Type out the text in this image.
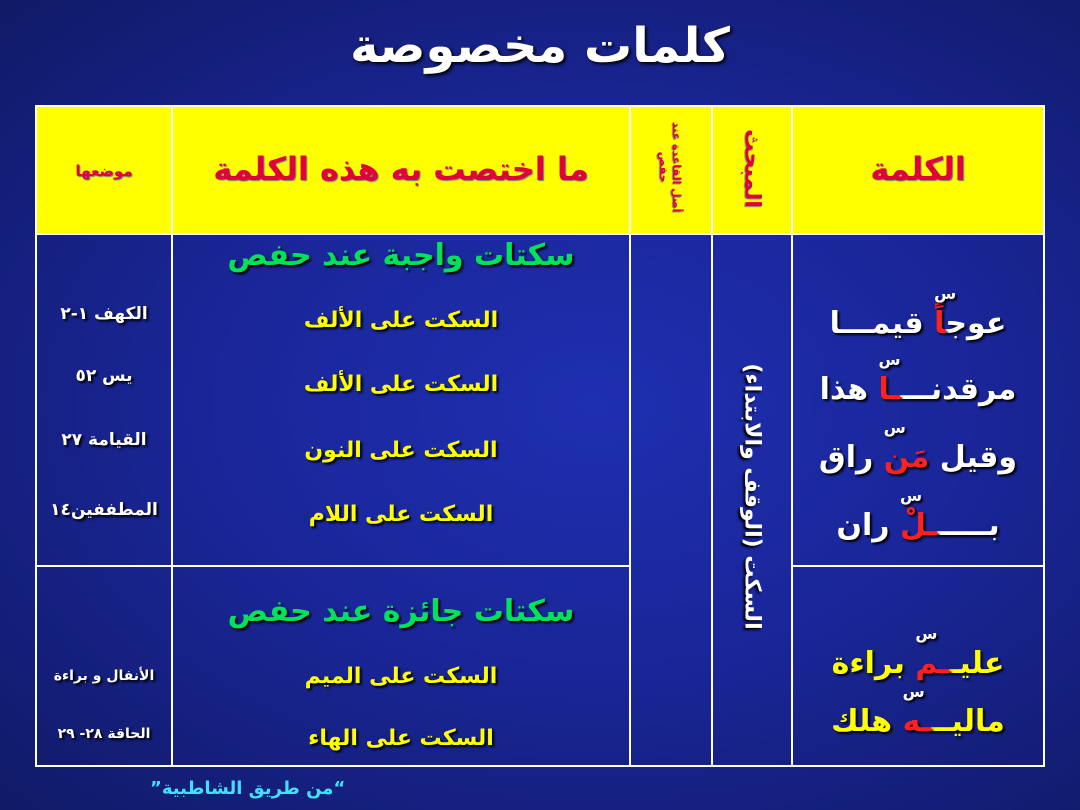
كلمات مخصوصة
الكلمة
المبحث
أصل القاعدة عند حفص
ما اختصت به هذه الكلمة
موضعها
السكت (الوقف والابتداء)
سكتات واجبة عند حفص
السكت على الألف
السكت على الألف
السكت على النون
السكت على اللام
الكهف ١-٢
يس ٥٢
القيامة ٢٧
المطففين١٤
عوج
س
اً قيمـــا
مرقدنـــ
س
ـا هذا
وقيل
س
مَن راق
بـــــ
س
ـلْ ران
سكتات جائزة عند حفص
السكت على الميم
السكت على الهاء
الأنفال و براءة
الحاقة ٢٨- ٢٩
عليـ
س
ـم براءة
ماليــ
س
ـه هلك
”من طريق الشاطبية“
